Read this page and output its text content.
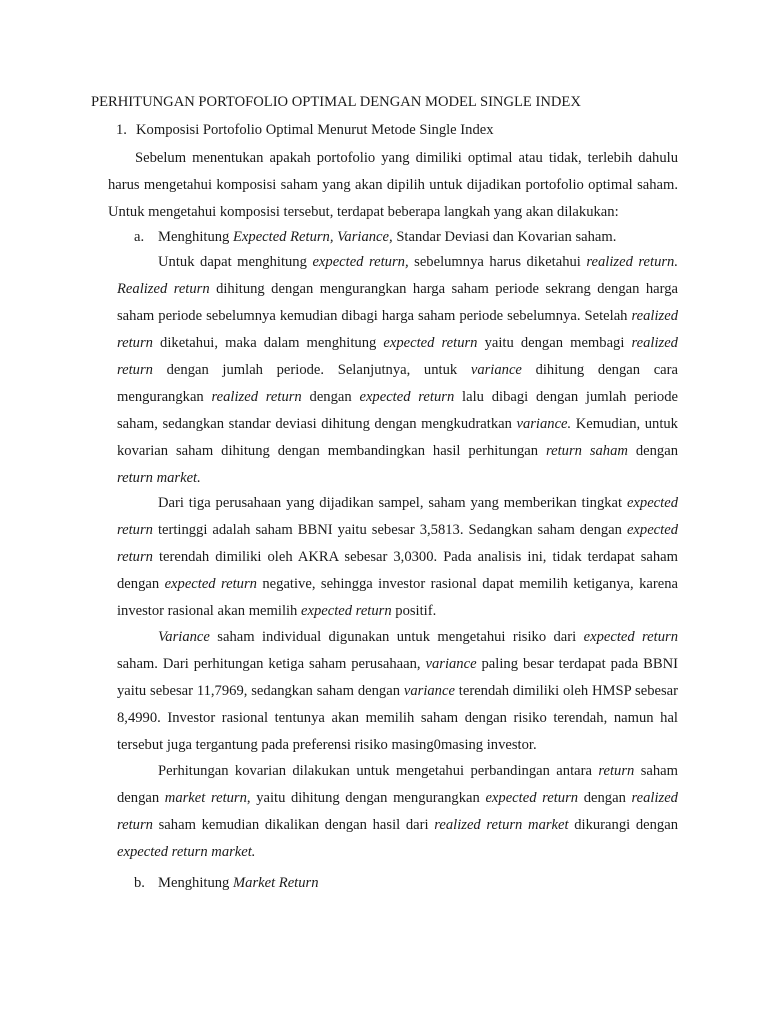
PERHITUNGAN PORTOFOLIO OPTIMAL DENGAN MODEL SINGLE INDEX
1. Komposisi Portofolio Optimal Menurut Metode Single Index

Sebelum menentukan apakah portofolio yang dimiliki optimal atau tidak, terlebih dahulu harus mengetahui komposisi saham yang akan dipilih untuk dijadikan portofolio optimal saham. Untuk mengetahui komposisi tersebut, terdapat beberapa langkah yang akan dilakukan:

a. Menghitung Expected Return, Variance, Standar Deviasi dan Kovarian saham.

Untuk dapat menghitung expected return, sebelumnya harus diketahui realized return. Realized return dihitung dengan mengurangkan harga saham periode sekrang dengan harga saham periode sebelumnya kemudian dibagi harga saham periode sebelumnya. Setelah realized return diketahui, maka dalam menghitung expected return yaitu dengan membagi realized return dengan jumlah periode. Selanjutnya, untuk variance dihitung dengan cara mengurangkan realized return dengan expected return lalu dibagi dengan jumlah periode saham, sedangkan standar deviasi dihitung dengan mengkudratkan variance. Kemudian, untuk kovarian saham dihitung dengan membandingkan hasil perhitungan return saham dengan return market.

Dari tiga perusahaan yang dijadikan sampel, saham yang memberikan tingkat expected return tertinggi adalah saham BBNI yaitu sebesar 3,5813. Sedangkan saham dengan expected return terendah dimiliki oleh AKRA sebesar 3,0300. Pada analisis ini, tidak terdapat saham dengan expected return negative, sehingga investor rasional dapat memilih ketiganya, karena investor rasional akan memilih expected return positif.

Variance saham individual digunakan untuk mengetahui risiko dari expected return saham. Dari perhitungan ketiga saham perusahaan, variance paling besar terdapat pada BBNI yaitu sebesar 11,7969, sedangkan saham dengan variance terendah dimiliki oleh HMSP sebesar 8,4990. Investor rasional tentunya akan memilih saham dengan risiko terendah, namun hal tersebut juga tergantung pada preferensi risiko masing0masing investor.

Perhitungan kovarian dilakukan untuk mengetahui perbandingan antara return saham dengan market return, yaitu dihitung dengan mengurangkan expected return dengan realized return saham kemudian dikalikan dengan hasil dari realized return market dikurangi dengan expected return market.

b. Menghitung Market Return
